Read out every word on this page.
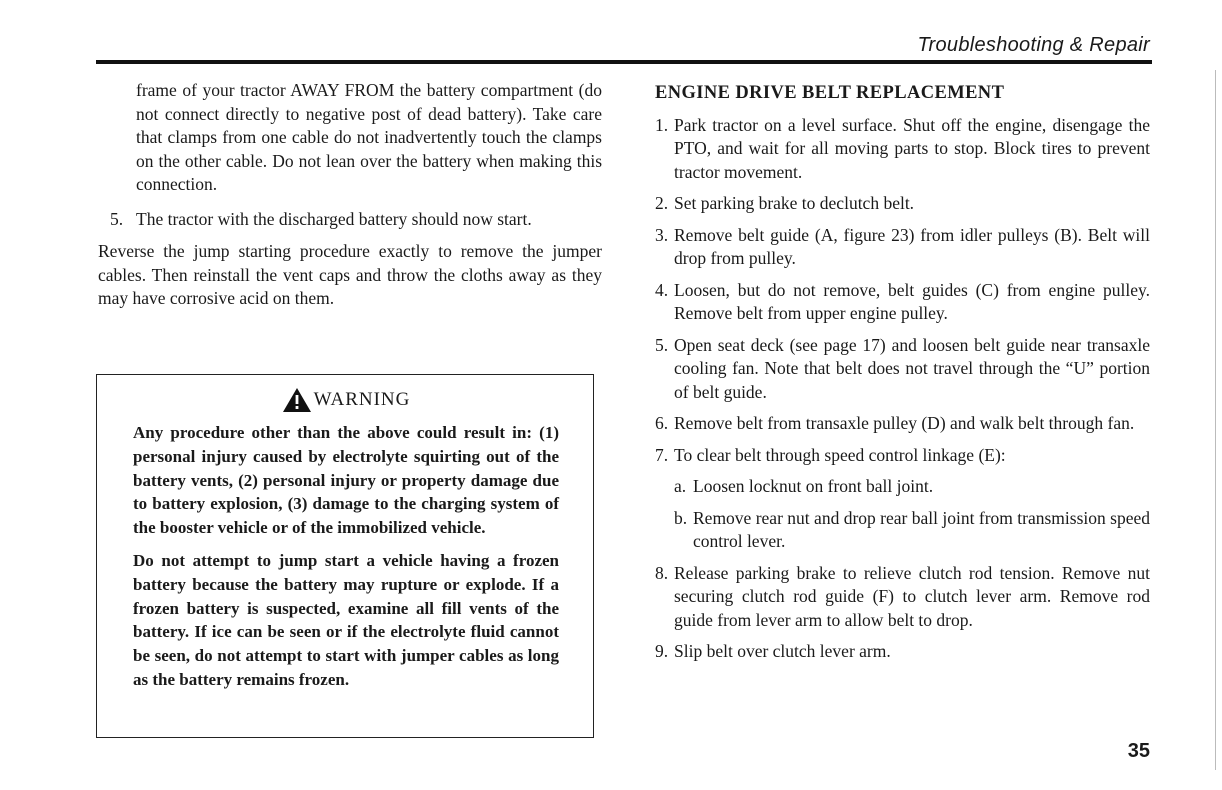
Troubleshooting & Repair

frame of your tractor AWAY FROM the battery compartment (do not connect directly to negative post of dead battery). Take care that clamps from one cable do not inadvertently touch the clamps on the other cable. Do not lean over the battery when making this connection.

5. The tractor with the discharged battery should now start.

Reverse the jump starting procedure exactly to remove the jumper cables. Then reinstall the vent caps and throw the cloths away as they may have corrosive acid on them.

WARNING

Any procedure other than the above could result in: (1) personal injury caused by electrolyte squirting out of the battery vents, (2) personal injury or property damage due to battery explosion, (3) damage to the charging system of the booster vehicle or of the immobilized vehicle.

Do not attempt to jump start a vehicle having a frozen battery because the battery may rupture or explode. If a frozen battery is suspected, examine all fill vents of the battery. If ice can be seen or if the electrolyte fluid cannot be seen, do not attempt to start with jumper cables as long as the battery remains frozen.

ENGINE DRIVE BELT REPLACEMENT
1. Park tractor on a level surface. Shut off the engine, disengage the PTO, and wait for all moving parts to stop. Block tires to prevent tractor movement.
2. Set parking brake to declutch belt.
3. Remove belt guide (A, figure 23) from idler pulleys (B). Belt will drop from pulley.
4. Loosen, but do not remove, belt guides (C) from engine pulley. Remove belt from upper engine pulley.
5. Open seat deck (see page 17) and loosen belt guide near transaxle cooling fan. Note that belt does not travel through the “U” portion of belt guide.
6. Remove belt from transaxle pulley (D) and walk belt through fan.
7. To clear belt through speed control linkage (E):
a. Loosen locknut on front ball joint.
b. Remove rear nut and drop rear ball joint from transmission speed control lever.
8. Release parking brake to relieve clutch rod tension. Remove nut securing clutch rod guide (F) to clutch lever arm. Remove rod guide from lever arm to allow belt to drop.
9. Slip belt over clutch lever arm.
35
